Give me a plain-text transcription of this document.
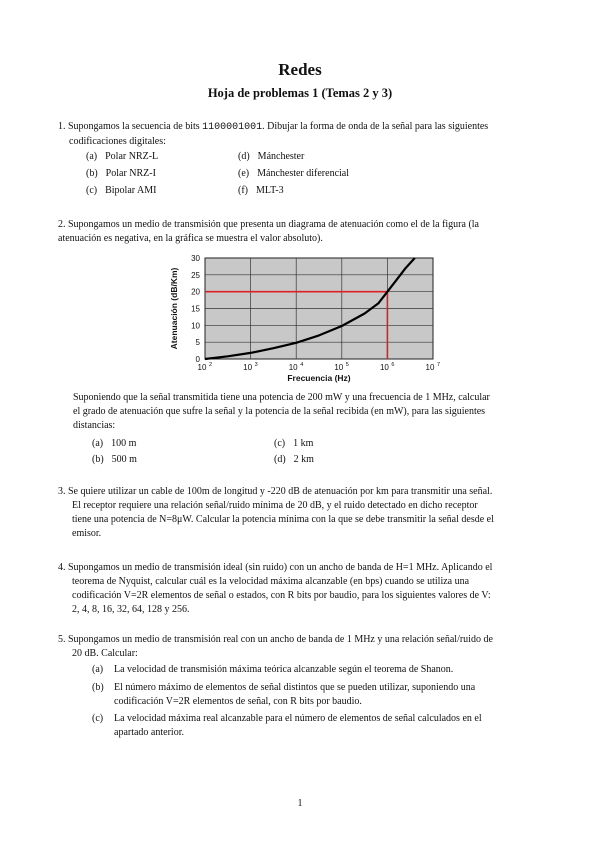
Redes
Hoja de problemas 1 (Temas 2 y 3)
1. Supongamos la secuencia de bits 1100001001. Dibujar la forma de onda de la señal para las siguientes
codificaciones digitales:
(a) Polar NRZ-L
(b) Polar NRZ-I
(c) Bipolar AMI
(d) Mánchester
(e) Mánchester diferencial
(f) MLT-3
2. Supongamos un medio de transmisión que presenta un diagrama de atenuación como el de la figura (la
atenuación es negativa, en la gráfica se muestra el valor absoluto).
0
5
10
15
20
25
30
10 2	10 3	10 4	10 5	10 6	10 7
Frecuencia (Hz)
Atenuación (dB/Km)
Suponiendo que la señal transmitida tiene una potencia de 200 mW y una frecuencia de 1 MHz, calcular
el grado de atenuación que sufre la señal y la potencia de la señal recibida (en mW), para las siguientes
distancias:
(a) 100 m
(b) 500 m
(c) 1 km
(d) 2 km
3. Se quiere utilizar un cable de 100m de longitud y -220 dB de atenuación por km para transmitir una señal.
El receptor requiere una relación señal/ruido mínima de 20 dB, y el ruido detectado en dicho receptor
tiene una potencia de N=8μW. Calcular la potencia mínima con la que se debe transmitir la señal desde el
emisor.
4. Supongamos un medio de transmisión ideal (sin ruido) con un ancho de banda de H=1 MHz. Aplicando el
teorema de Nyquist, calcular cuál es la velocidad máxima alcanzable (en bps) cuando se utiliza una
codificación V=2R elementos de señal o estados, con R bits por baudio, para los siguientes valores de V:
2, 4, 8, 16, 32, 64, 128 y 256.
5. Supongamos un medio de transmisión real con un ancho de banda de 1 MHz y una relación señal/ruido de
20 dB. Calcular:
(a) La velocidad de transmisión máxima teórica alcanzable según el teorema de Shanon.
(b) El número máximo de elementos de señal distintos que se pueden utilizar, suponiendo una
codificación V=2R elementos de señal, con R bits por baudio.
(c) La velocidad máxima real alcanzable para el número de elementos de señal calculados en el
apartado anterior.
1
